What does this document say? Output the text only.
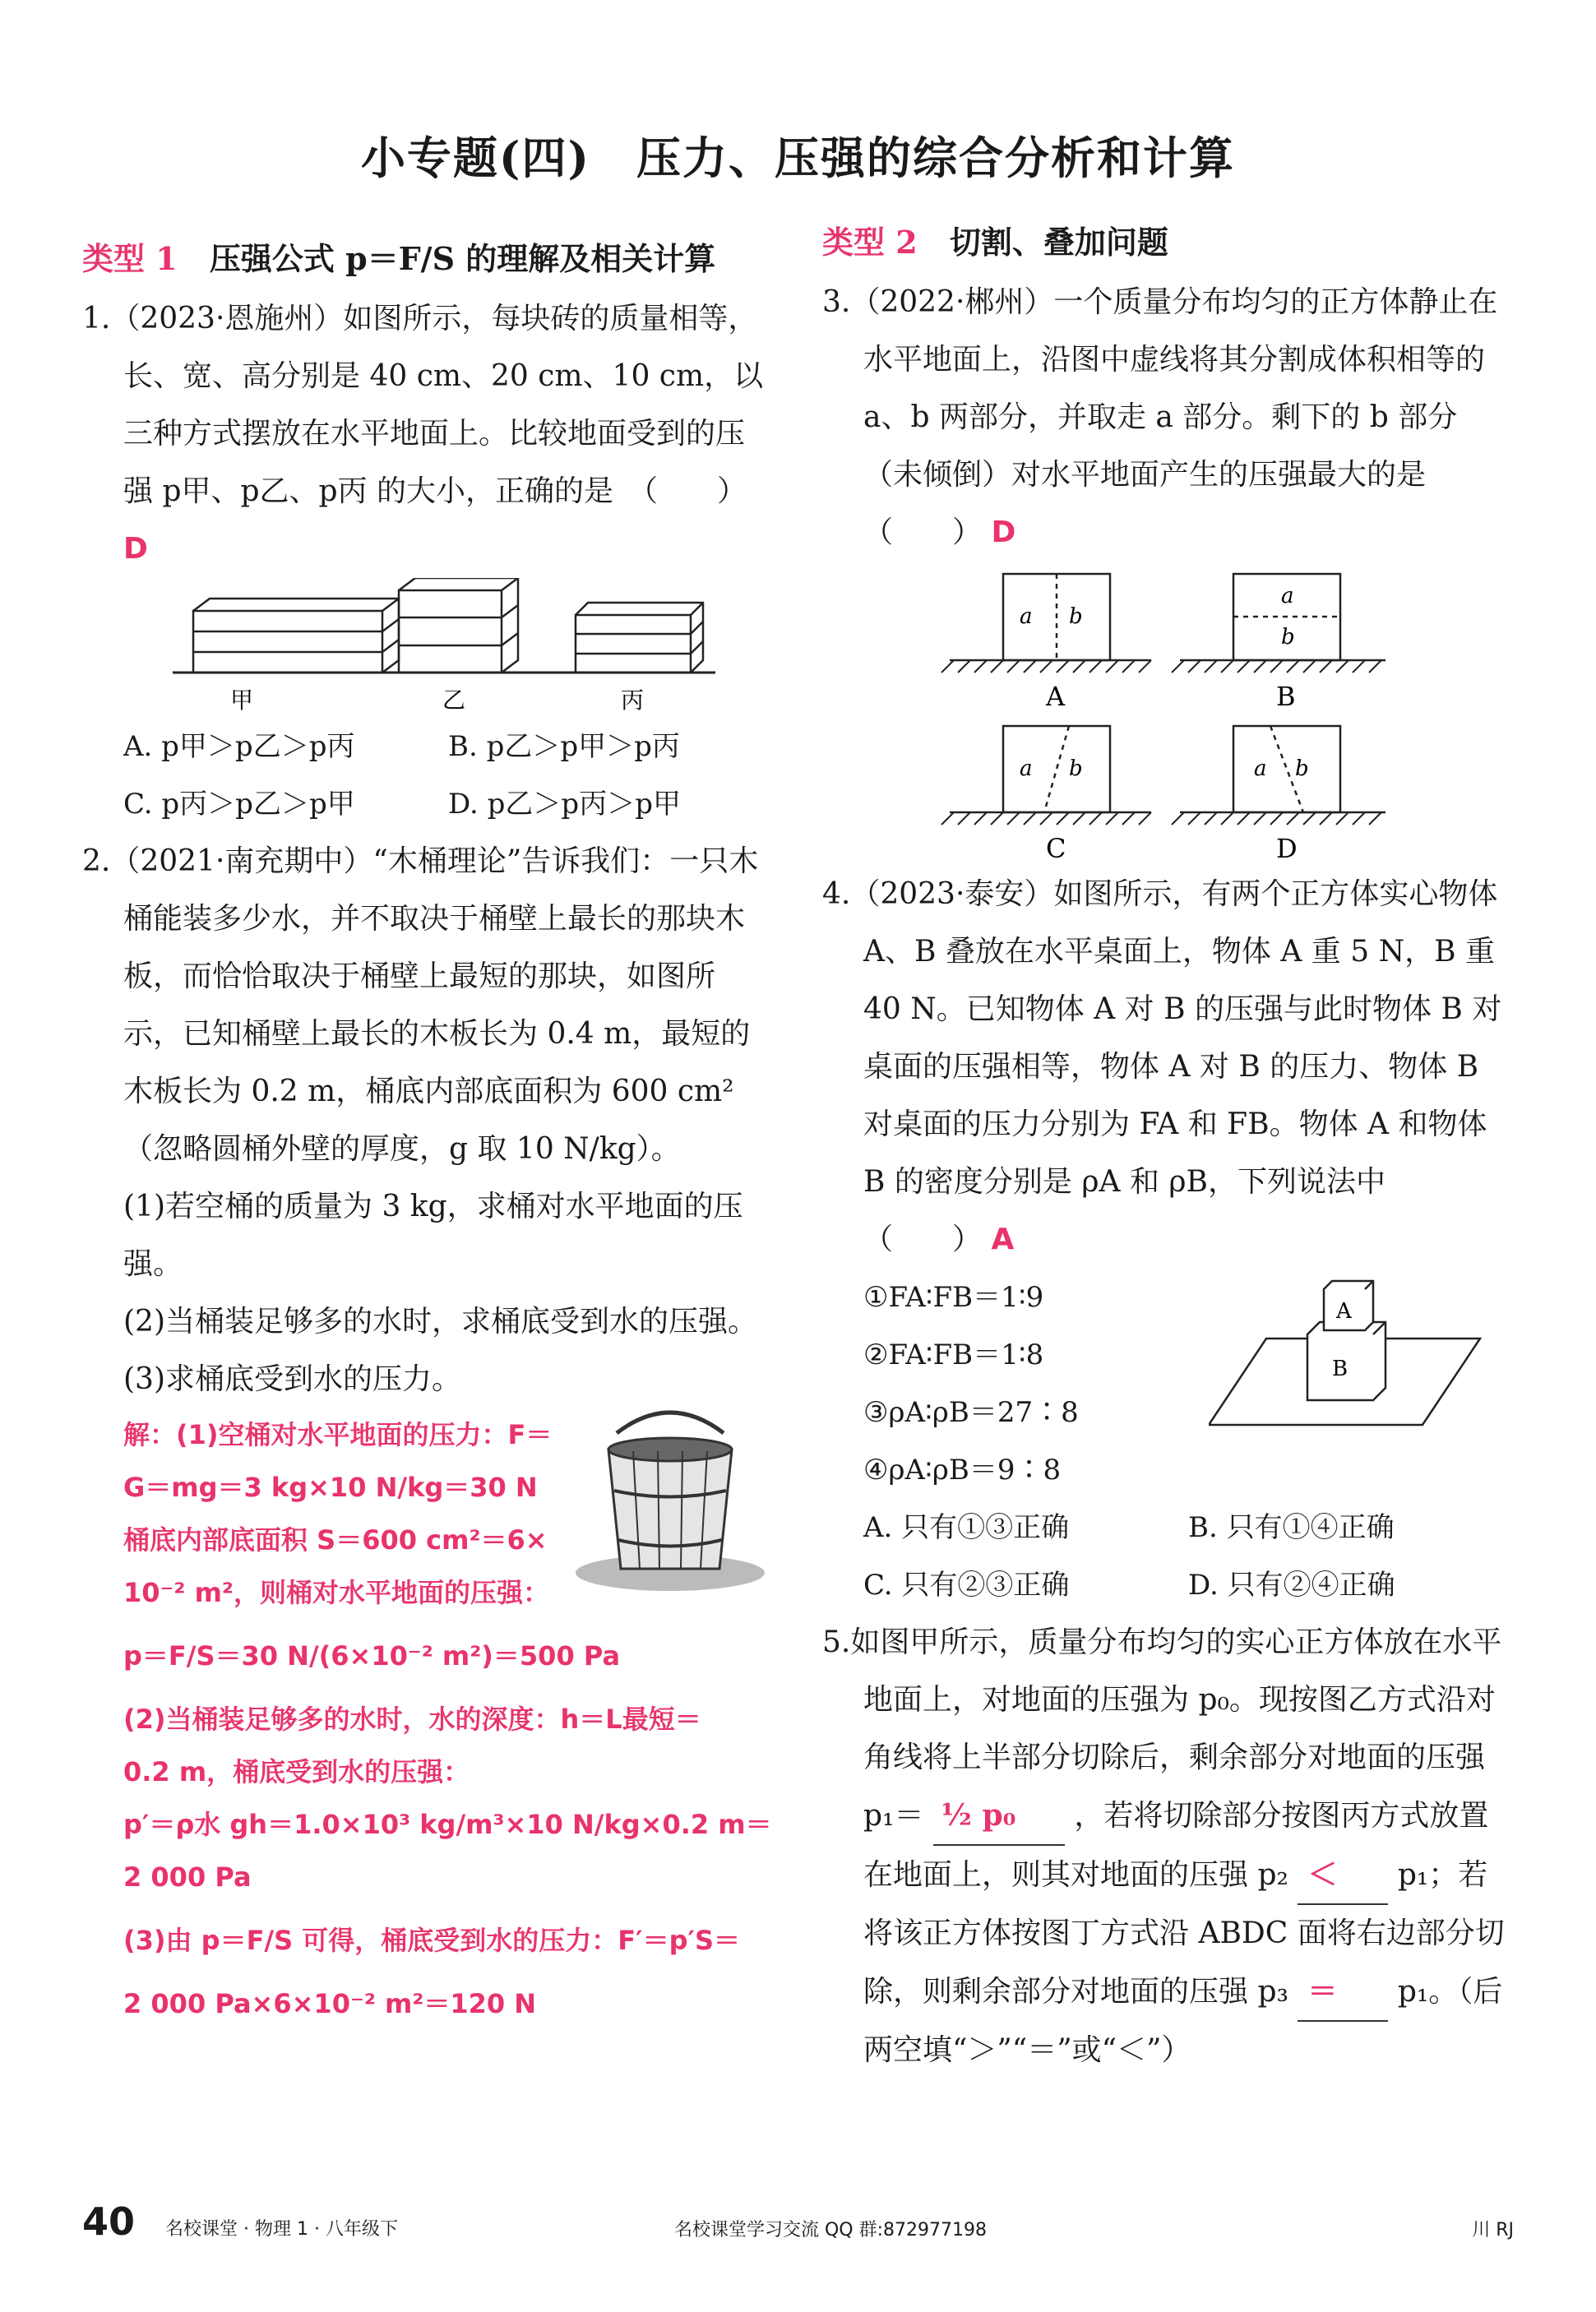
小专题(四)　压力、压强的综合分析和计算
类型 1 压强公式 p＝F/S 的理解及相关计算

1.（2023·恩施州）如图所示，每块砖的质量相等，长、宽、高分别是 40 cm、20 cm、10 cm，以三种方式摆放在水平地面上。比较地面受到的压强 p甲、p乙、p丙 的大小，正确的是　（　　） D

甲	乙	丙
A. p甲＞p乙＞p丙	B. p乙＞p甲＞p丙
C. p丙＞p乙＞p甲	D. p乙＞p丙＞p甲

2.（2021·南充期中）“木桶理论”告诉我们：一只木桶能装多少水，并不取决于桶壁上最长的那块木板，而恰恰取决于桶壁上最短的那块，如图所示，已知桶壁上最长的木板长为 0.4 m，最短的木板长为 0.2 m，桶底内部底面积为 600 cm²（忽略圆桶外壁的厚度，g 取 10 N/kg）。

(1)若空桶的质量为 3 kg，求桶对水平地面的压强。

(2)当桶装足够多的水时，求桶底受到水的压强。

(3)求桶底受到水的压力。

解：(1)空桶对水平地面的压力：F＝

G＝mg＝3 kg×10 N/kg＝30 N

桶底内部底面积 S＝600 cm²＝6×

10⁻² m²，则桶对水平地面的压强：

p＝F/S＝30 N/(6×10⁻² m²)＝500 Pa

(2)当桶装足够多的水时，水的深度：h＝L最短＝

0.2 m，桶底受到水的压强：

p′＝ρ水 gh＝1.0×10³ kg/m³×10 N/kg×0.2 m＝

2 000 Pa

(3)由 p＝F/S 可得，桶底受到水的压力：F′＝p′S＝

2 000 Pa×6×10⁻² m²＝120 N

类型 2 切割、叠加问题

3.（2022·郴州）一个质量分布均匀的正方体静止在水平地面上，沿图中虚线将其分割成体积相等的 a、b 两部分，并取走 a 部分。剩下的 b 部分（未倾倒）对水平地面产生的压强最大的是　（　　） D

a b
a
b
a b	a b
A	B
C	D

4.（2023·泰安）如图所示，有两个正方体实心物体 A、B 叠放在水平桌面上，物体 A 重 5 N，B 重 40 N。已知物体 A 对 B 的压强与此时物体 B 对桌面的压强相等，物体 A 对 B 的压力、物体 B 对桌面的压力分别为 FA 和 FB。物体 A 和物体 B 的密度分别是 ρA 和 ρB，下列说法中　（　　） A

①FA∶FB＝1∶9
②FA∶FB＝1∶8
③ρA∶ρB＝27∶8
④ρA∶ρB＝9∶8
A
B
A. 只有①③正确	B. 只有①④正确
C. 只有②③正确	D. 只有②④正确

5.如图甲所示，质量分布均匀的实心正方体放在水平地面上，对地面的压强为 p₀。现按图乙方式沿对角线将上半部分切除后，剩余部分对地面的压强 p₁＝ ½ p₀ ，若将切除部分按图丙方式放置在地面上，则其对地面的压强 p₂ ＜ p₁；若将该正方体按图丁方式沿 ABDC 面将右边部分切除，则剩余部分对地面的压强 p₃ ＝ p₁。（后两空填“＞”“＝”或“＜”）

40 名校课堂 · 物理 1 · 八年级下	名校课堂学习交流 QQ 群:872977198	川 RJ
